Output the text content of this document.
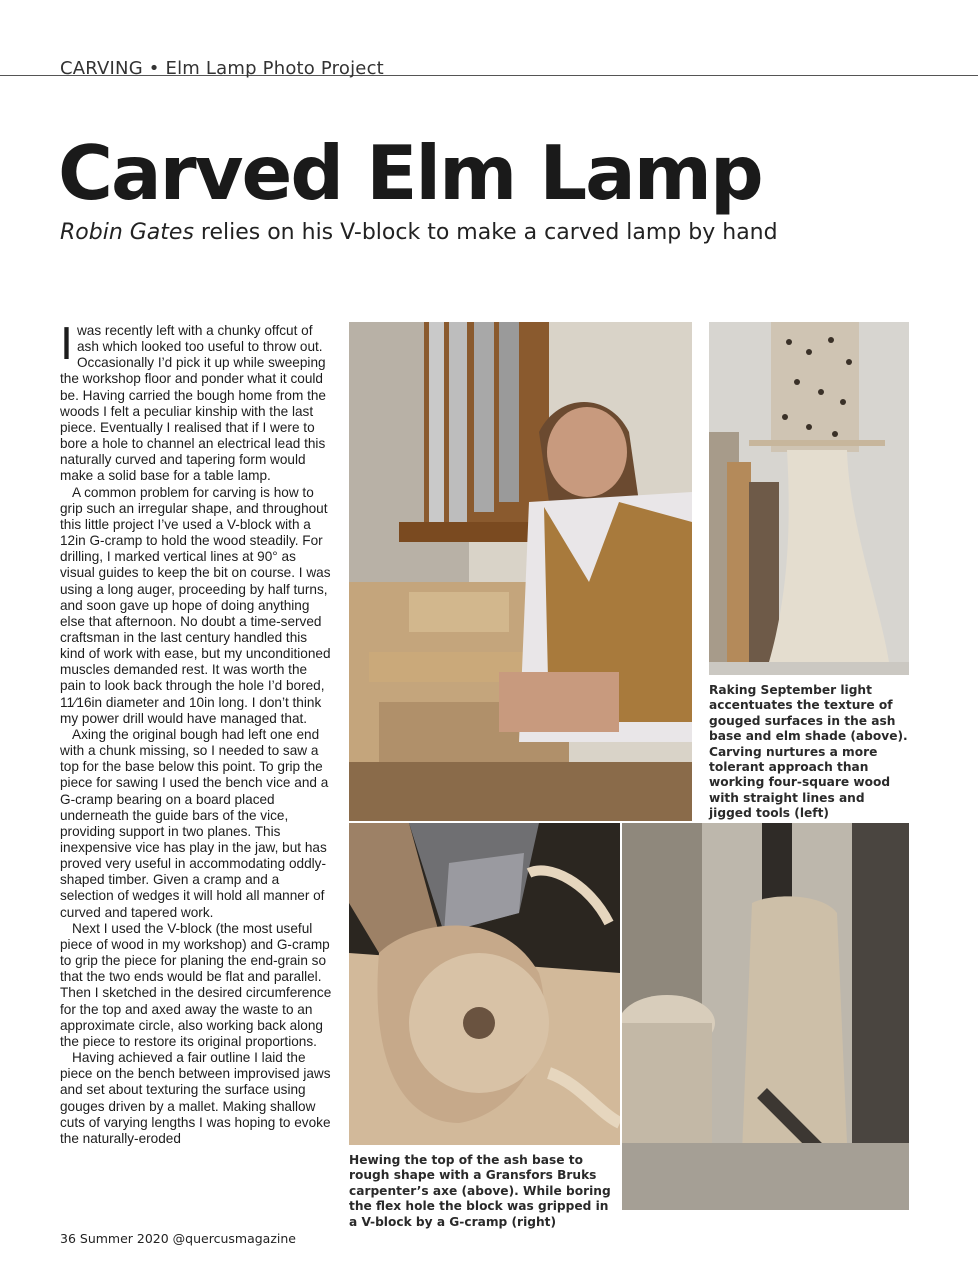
CARVING • Elm Lamp Photo Project
Carved Elm Lamp
Robin Gates relies on his V-block to make a carved lamp by hand

Iwas recently left with a chunky offcut of ash which looked too useful to throw out. Occasionally I’d pick it up while sweeping the workshop floor and ponder what it could be. Having carried the bough home from the woods I felt a peculiar kinship with the last piece. Eventually I realised that if I were to bore a hole to channel an electrical lead this naturally curved and tapering form would make a solid base for a table lamp.

A common problem for carving is how to grip such an irregular shape, and throughout this little project I’ve used a V-block with a 12in G-cramp to hold the wood steadily. For drilling, I marked vertical lines at 90° as visual guides to keep the bit on course. I was using a long auger, proceeding by half turns, and soon gave up hope of doing anything else that afternoon. No doubt a time-served craftsman in the last century handled this kind of work with ease, but my unconditioned muscles demanded rest. It was worth the pain to look back through the hole I’d bored, 11⁄16in diameter and 10in long. I don’t think my power drill would have managed that.

Axing the original bough had left one end with a chunk missing, so I needed to saw a top for the base below this point. To grip the piece for sawing I used the bench vice and a G-cramp bearing on a board placed underneath the guide bars of the vice, providing support in two planes. This inexpensive vice has play in the jaw, but has proved very useful in accommodating oddly-shaped timber. Given a cramp and a selection of wedges it will hold all manner of curved and tapered work.

Next I used the V-block (the most useful piece of wood in my workshop) and G-cramp to grip the piece for planing the end-grain so that the two ends would be flat and parallel. Then I sketched in the desired circumference for the top and axed away the waste to an approximate circle, also working back along the piece to restore its original proportions.

Having achieved a fair outline I laid the piece on the bench between improvised jaws and set about texturing the surface using gouges driven by a mallet. Making shallow cuts of varying lengths I was hoping to evoke the naturally-eroded

Raking September light accentuates the texture of gouged surfaces in the ash base and elm shade (above). Carving nurtures a more tolerant approach than working four-square wood with straight lines and jigged tools (left)
Hewing the top of the ash base to rough shape with a Gransfors Bruks carpenter’s axe (above). While boring the flex hole the block was gripped in a V-block by a G-cramp (right)
36 Summer 2020 @quercusmagazine
